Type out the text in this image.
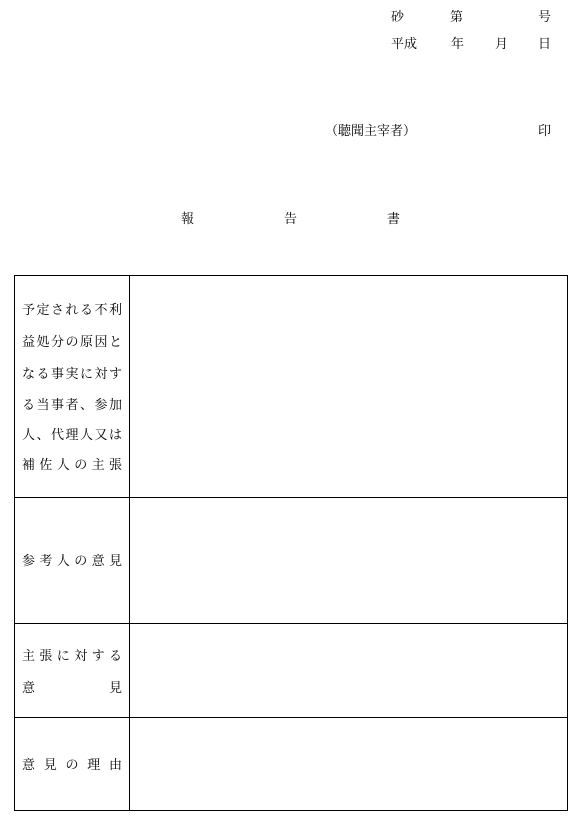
砂	第	号
平成	年 月 日
（聴聞主宰者）	印
報	告	書
予定される不利
益処分の原因と
なる事実に対す
る当事者、参加
人、代理人又は
補佐人の主張
参考人の意見
主張に対する
意	見
意見の理由
